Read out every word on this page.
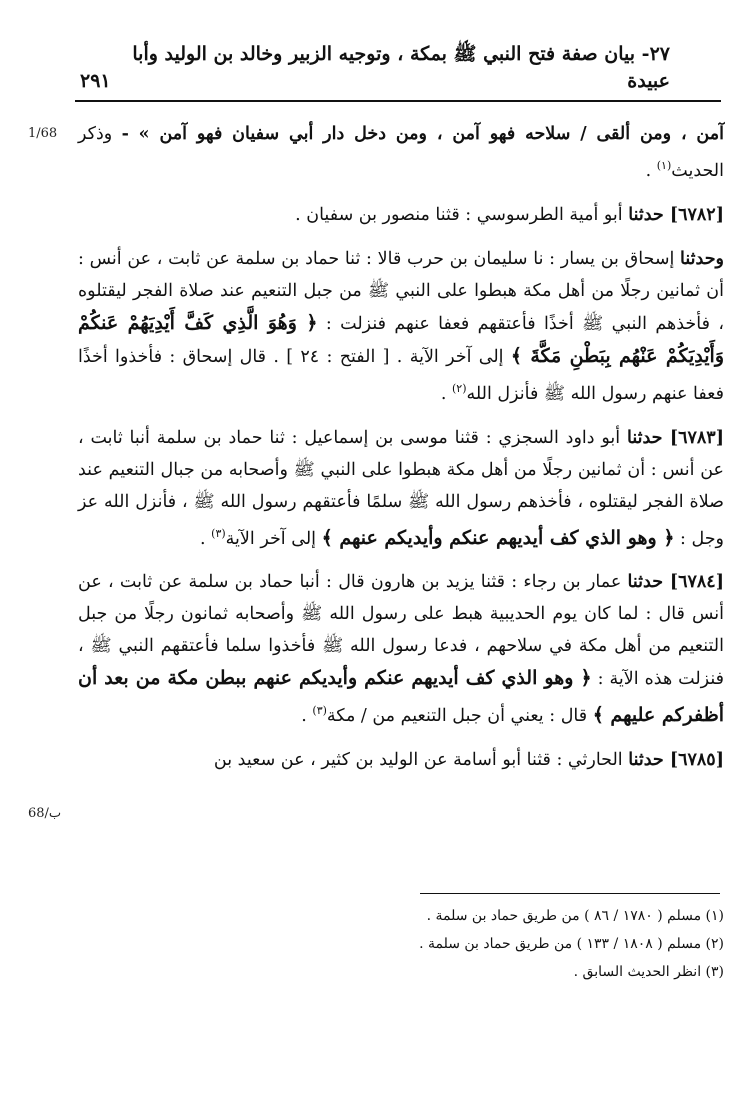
٢٧- بيان صفة فتح النبي ﷺ بمكة ، وتوجيه الزبير وخالد بن الوليد وأبا عبيدة
٢٩١
1/68
68/ب

آمن ، ومن ألقى / سلاحه فهو آمن ، ومن دخل دار أبي سفيان فهو آمن » - وذكر الحديث$^{(١)}$ .

[٦٧٨٢] حدثنا أبو أمية الطرسوسي : قثنا منصور بن سفيان .

وحدثنا إسحاق بن يسار : نا سليمان بن حرب قالا : ثنا حماد بن سلمة عن ثابت ، عن أنس : أن ثمانين رجلًا من أهل مكة هبطوا على النبي ﷺ من جبل التنعيم عند صلاة الفجر ليقتلوه ، فأخذهم النبي ﷺ أخذًا فأعتقهم فعفا عنهم فنزلت : ﴿ وَهُوَ الَّذِي كَفَّ أَيْدِيَهُمْ عَنكُمْ وَأَيْدِيَكُمْ عَنْهُم بِبَطْنِ مَكَّةَ ﴾ إلى آخر الآية . [ الفتح : ٢٤ ] . قال إسحاق : فأخذوا أخذًا فعفا عنهم رسول الله ﷺ فأنزل الله$^{(٢)}$ .

[٦٧٨٣] حدثنا أبو داود السجزي : قثنا موسى بن إسماعيل : ثنا حماد بن سلمة أنبا ثابت ، عن أنس : أن ثمانين رجلًا من أهل مكة هبطوا على النبي ﷺ وأصحابه من جبال التنعيم عند صلاة الفجر ليقتلوه ، فأخذهم رسول الله ﷺ سلمًا فأعتقهم رسول الله ﷺ ، فأنزل الله عز وجل : ﴿ وهو الذي كف أيديهم عنكم وأيديكم عنهم ﴾ إلى آخر الآية$^{(٣)}$ .

[٦٧٨٤] حدثنا عمار بن رجاء : قثنا يزيد بن هارون قال : أنبا حماد بن سلمة عن ثابت ، عن أنس قال : لما كان يوم الحديبية هبط على رسول الله ﷺ وأصحابه ثمانون رجلًا من جبل التنعيم من أهل مكة في سلاحهم ، فدعا رسول الله ﷺ فأخذوا سلما فأعتقهم النبي ﷺ ، فنزلت هذه الآية : ﴿ وهو الذي كف أيديهم عنكم وأيديكم عنهم ببطن مكة من بعد أن أظفركم عليهم ﴾ قال : يعني أن جبل التنعيم من / مكة$^{(٣)}$ .

[٦٧٨٥] حدثنا الحارثي : قثنا أبو أسامة عن الوليد بن كثير ، عن سعيد بن

(١) مسلم ( ١٧٨٠ / ٨٦ ) من طريق حماد بن سلمة .
(٢) مسلم ( ١٨٠٨ / ١٣٣ ) من طريق حماد بن سلمة .
(٣) انظر الحديث السابق .
